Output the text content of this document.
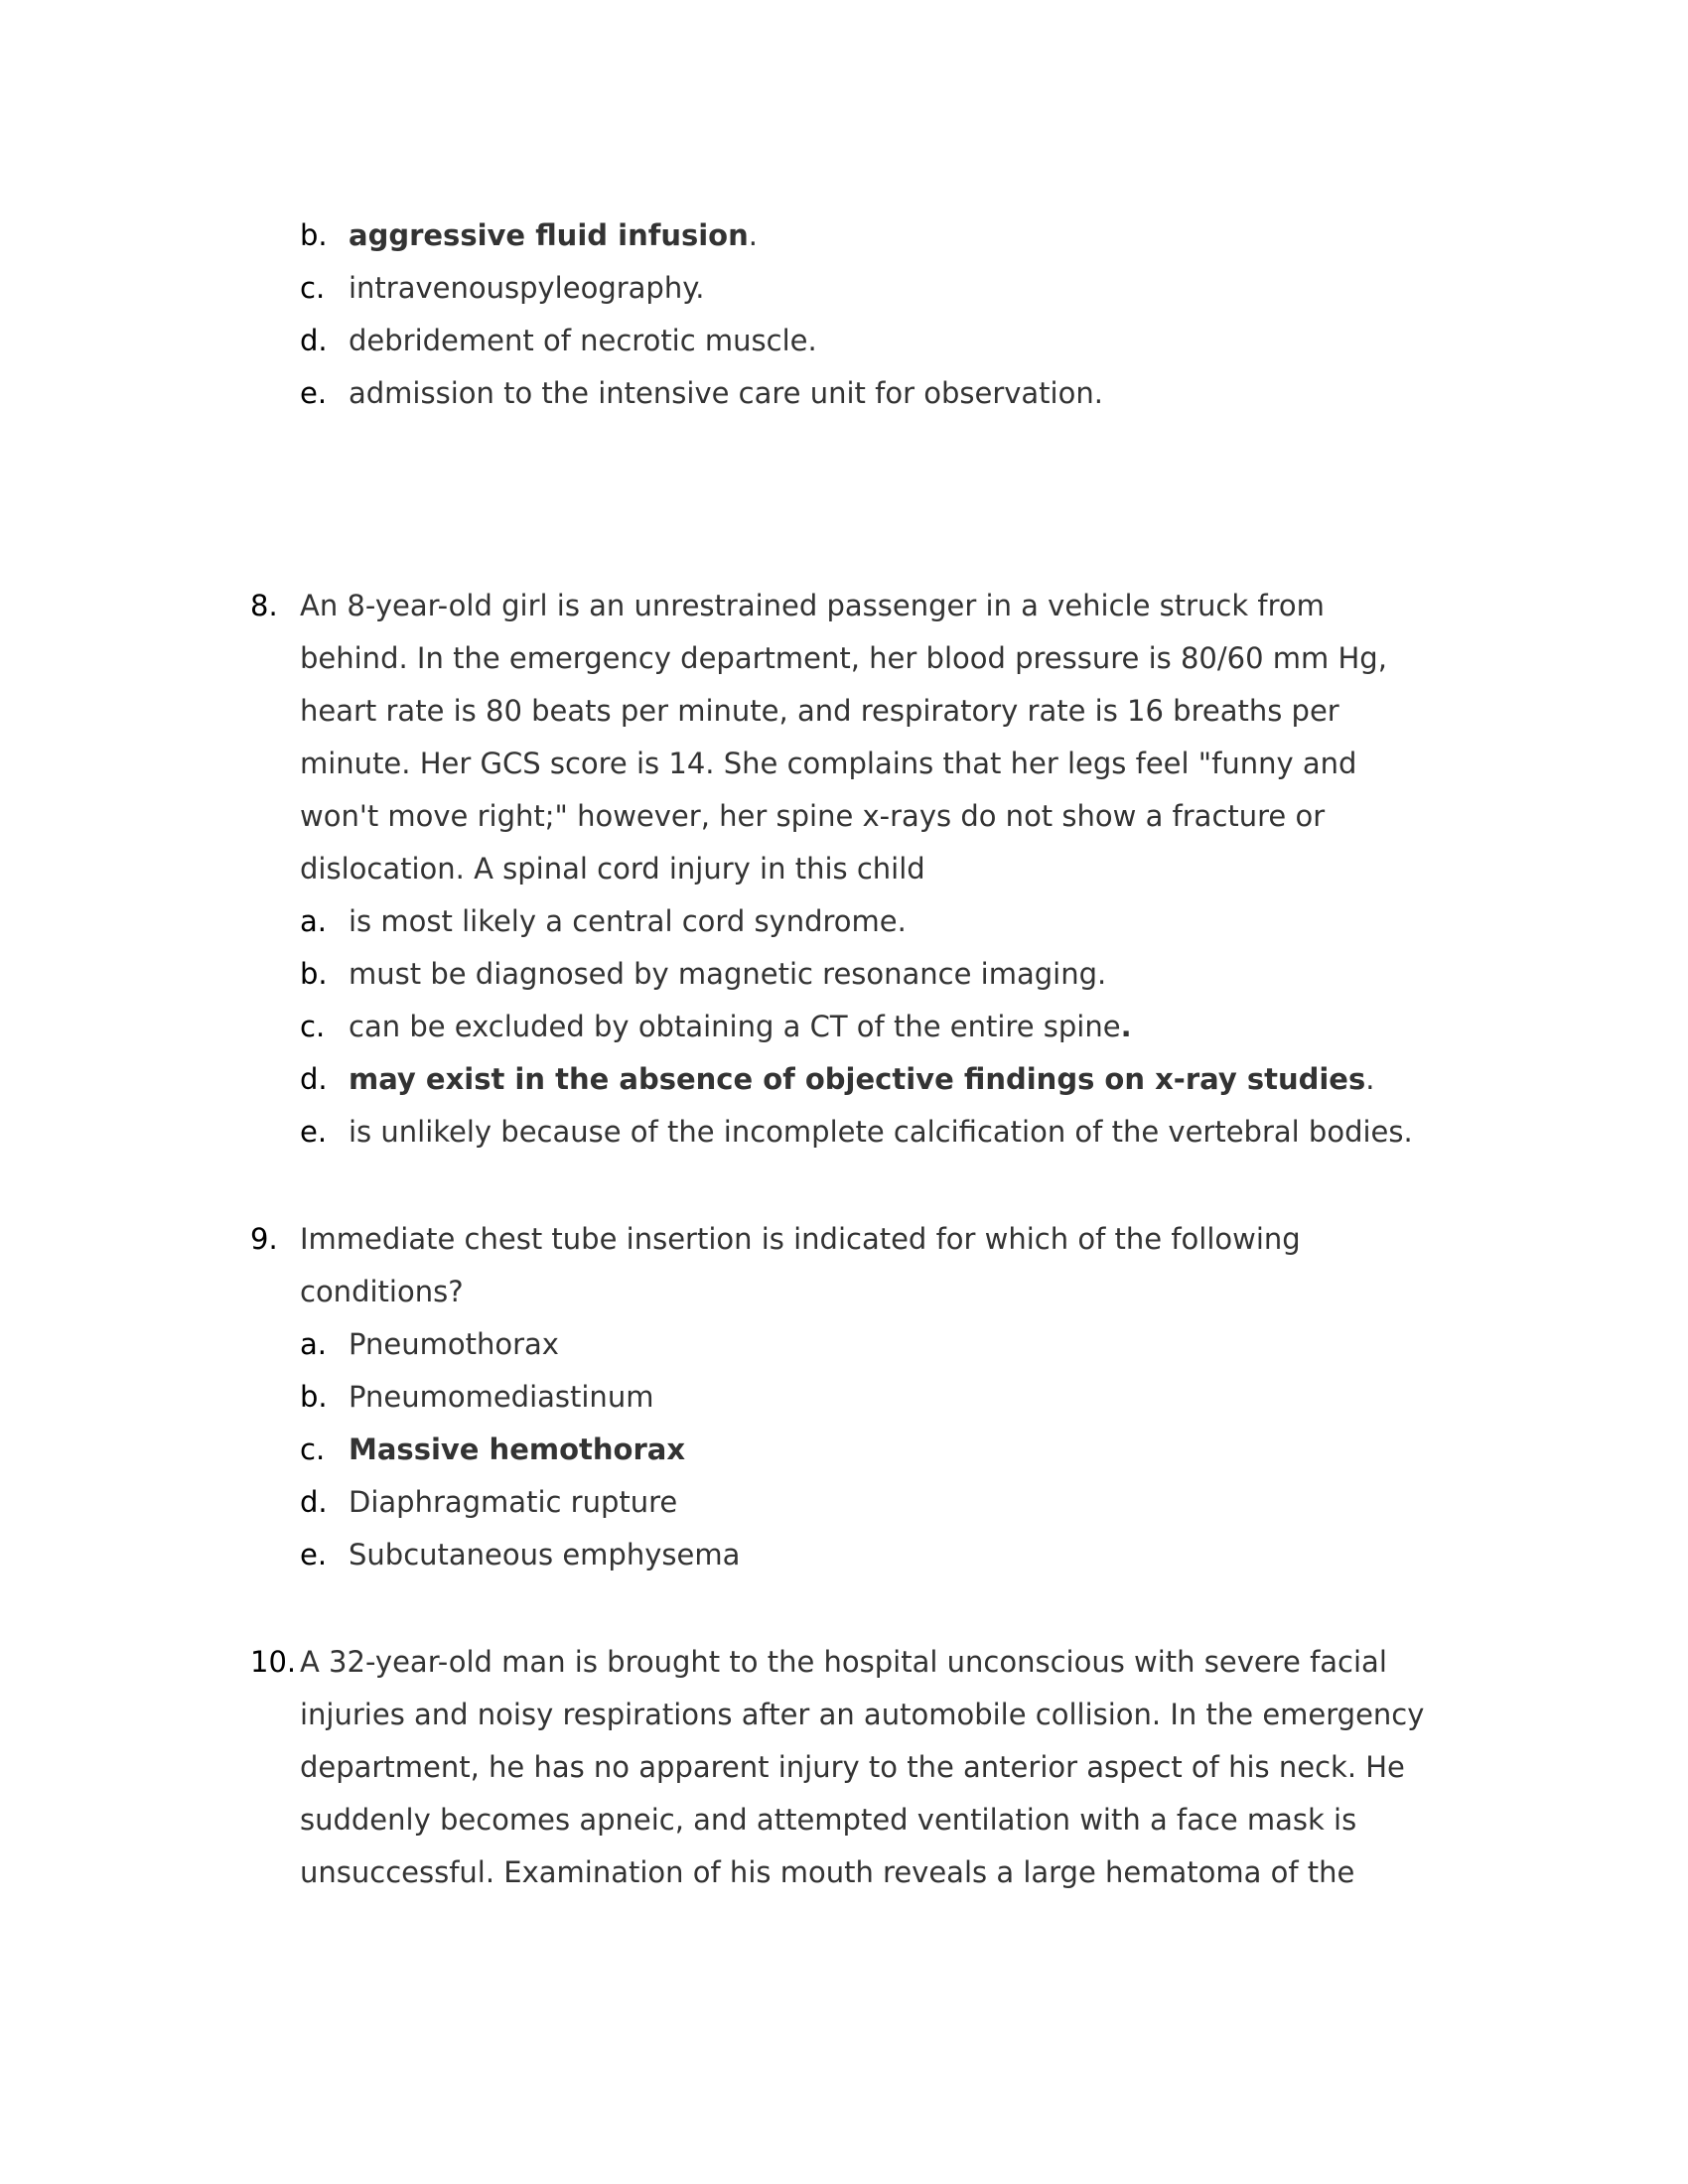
b. aggressive fluid infusion.
c. intravenouspyleography.
d. debridement of necrotic muscle.
e. admission to the intensive care unit for observation.
8. An 8-year-old girl is an unrestrained passenger in a vehicle struck from
behind. In the emergency department, her blood pressure is 80/60 mm Hg,
heart rate is 80 beats per minute, and respiratory rate is 16 breaths per
minute. Her GCS score is 14. She complains that her legs feel "funny and
won't move right;" however, her spine x-rays do not show a fracture or
dislocation. A spinal cord injury in this child
a. is most likely a central cord syndrome.
b. must be diagnosed by magnetic resonance imaging.
c. can be excluded by obtaining a CT of the entire spine.
d. may exist in the absence of objective findings on x-ray studies.
e. is unlikely because of the incomplete calcification of the vertebral bodies.
9. Immediate chest tube insertion is indicated for which of the following
conditions?
a. Pneumothorax
b. Pneumomediastinum
c. Massive hemothorax
d. Diaphragmatic rupture
e. Subcutaneous emphysema
10. A 32-year-old man is brought to the hospital unconscious with severe facial
injuries and noisy respirations after an automobile collision. In the emergency
department, he has no apparent injury to the anterior aspect of his neck. He
suddenly becomes apneic, and attempted ventilation with a face mask is
unsuccessful. Examination of his mouth reveals a large hematoma of the
